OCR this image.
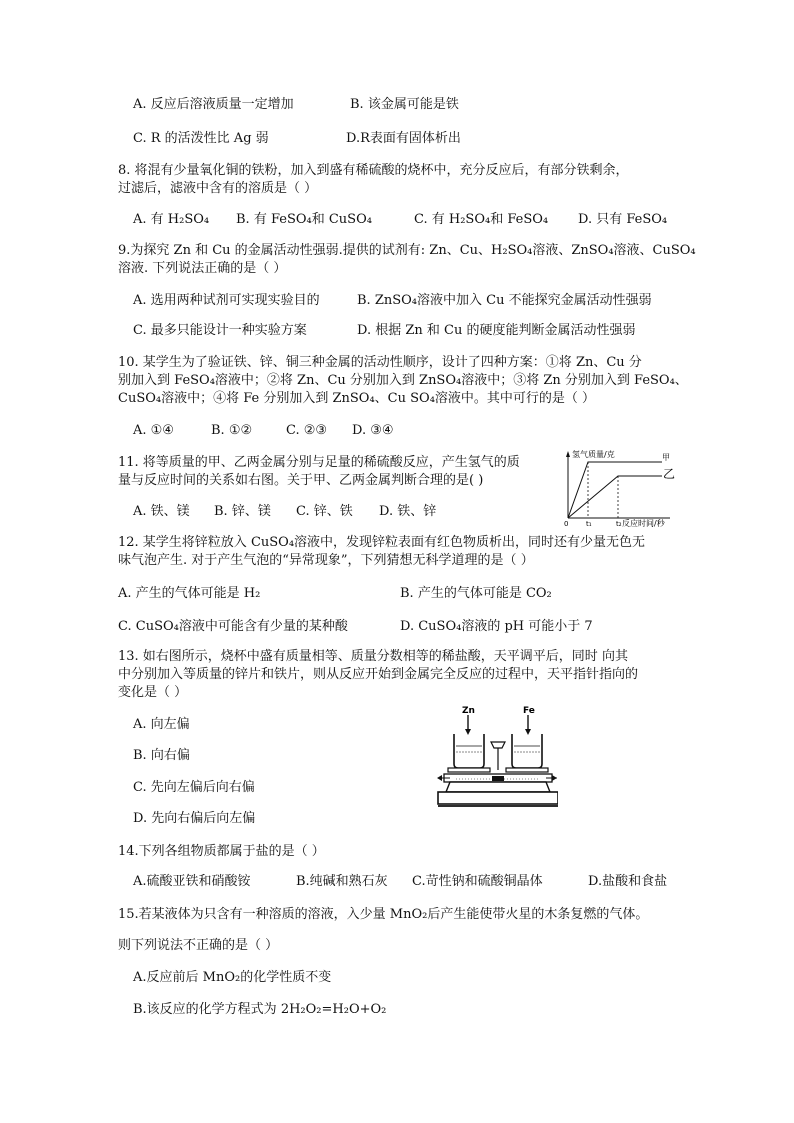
A. 反应后溶液质量一定增加	B. 该金属可能是铁
C. R 的活泼性比 Ag 弱	D.R表面有固体析出
8. 将混有少量氧化铜的铁粉，加入到盛有稀硫酸的烧杯中，充分反应后，有部分铁剩余，
过滤后，滤液中含有的溶质是（ ）
A. 有 H₂SO₄ B. 有 FeSO₄和 CuSO₄	C. 有 H₂SO₄和 FeSO₄ D. 只有 FeSO₄
9.为探究 Zn 和 Cu 的金属活动性强弱.提供的试剂有: Zn、Cu、H₂SO₄溶液、ZnSO₄溶液、CuSO₄
溶液. 下列说法正确的是（ ）
A. 选用两种试剂可实现实验目的	B. ZnSO₄溶液中加入 Cu 不能探究金属活动性强弱
C. 最多只能设计一种实验方案	D. 根据 Zn 和 Cu 的硬度能判断金属活动性强弱
10. 某学生为了验证铁、锌、铜三种金属的活动性顺序，设计了四种方案：①将 Zn、Cu 分
别加入到 FeSO₄溶液中；②将 Zn、Cu 分别加入到 ZnSO₄溶液中；③将 Zn 分别加入到 FeSO₄、
CuSO₄溶液中；④将 Fe 分别加入到 ZnSO₄、Cu SO₄溶液中。其中可行的是（ ）
A. ①④	B. ①②	C. ②③ D. ③④
11. 将等质量的甲、乙两金属分别与足量的稀硫酸反应，产生氢气的质
量与反应时间的关系如右图。关于甲、乙两金属判断合理的是( )
A. 铁、镁 B. 锌、镁 C. 锌、铁 D. 铁、锌
氢气质量/克	甲
乙
0	t₁	t₂ 反应时间/秒
12. 某学生将锌粒放入 CuSO₄溶液中，发现锌粒表面有红色物质析出，同时还有少量无色无
味气泡产生. 对于产生气泡的“异常现象”，下列猜想无科学道理的是（ ）
A. 产生的气体可能是 H₂	B. 产生的气体可能是 CO₂
C. CuSO₄溶液中可能含有少量的某种酸	D. CuSO₄溶液的 pH 可能小于 7
13. 如右图所示，烧杯中盛有质量相等、质量分数相等的稀盐酸，天平调平后，同时 向其
中分别加入等质量的锌片和铁片，则从反应开始到金属完全反应的过程中，天平指针指向的
变化是（ ）
A. 向左偏
B. 向右偏
C. 先向左偏后向右偏
D. 先向右偏后向左偏
Zn	Fe
14.下列各组物质都属于盐的是（ ）
A.硫酸亚铁和硝酸铵	B.纯碱和熟石灰 C.苛性钠和硫酸铜晶体	D.盐酸和食盐
15.若某液体为只含有一种溶质的溶液，入少量 MnO₂后产生能使带火星的木条复燃的气体。
则下列说法不正确的是（ ）
A.反应前后 MnO₂的化学性质不变
B.该反应的化学方程式为 2H₂O₂=H₂O+O₂
